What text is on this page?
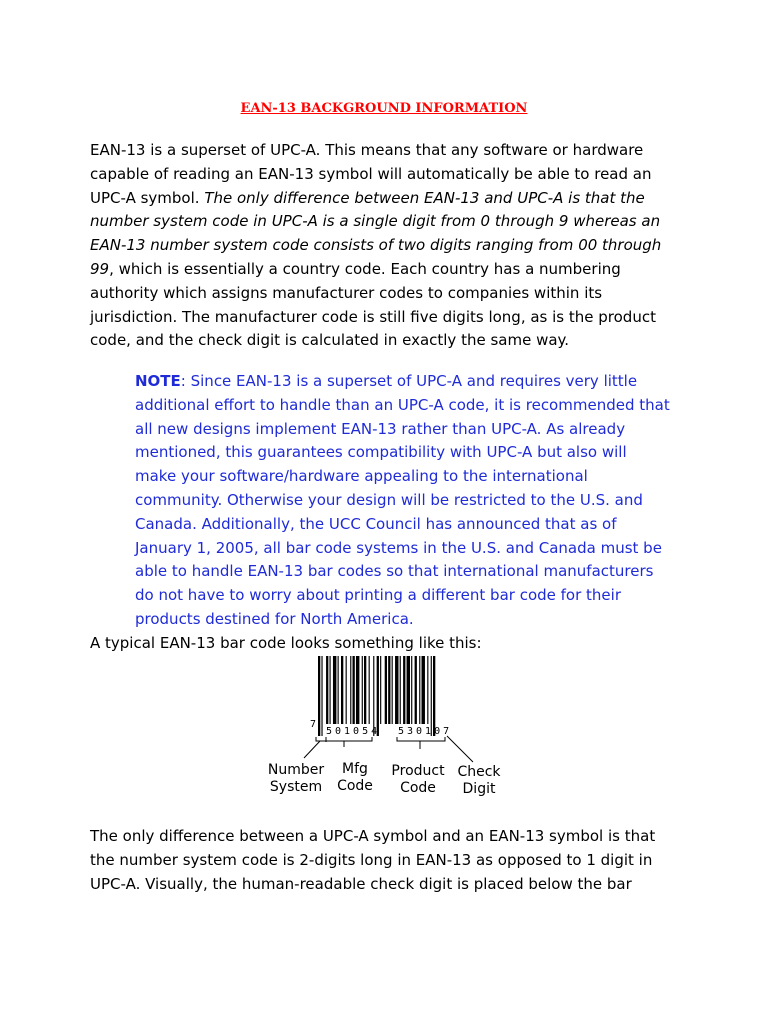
EAN-13 BACKGROUND INFORMATION
EAN-13 is a superset of UPC-A. This means that any software or hardware
capable of reading an EAN-13 symbol will automatically be able to read an
UPC-A symbol. The only difference between EAN-13 and UPC-A is that the
number system code in UPC-A is a single digit from 0 through 9 whereas an
EAN-13 number system code consists of two digits ranging from 00 through
99, which is essentially a country code. Each country has a numbering
authority which assigns manufacturer codes to companies within its
jurisdiction. The manufacturer code is still five digits long, as is the product
code, and the check digit is calculated in exactly the same way.
NOTE: Since EAN-13 is a superset of UPC-A and requires very little
additional effort to handle than an UPC-A code, it is recommended that
all new designs implement EAN-13 rather than UPC-A. As already
mentioned, this guarantees compatibility with UPC-A but also will
make your software/hardware appealing to the international
community. Otherwise your design will be restricted to the U.S. and
Canada. Additionally, the UCC Council has announced that as of
January 1, 2005, all bar code systems in the U.S. and Canada must be
able to handle EAN-13 bar codes so that international manufacturers
do not have to worry about printing a different bar code for their
products destined for North America.
A typical EAN-13 bar code looks something like this:
7
501054 530107
Number
System
Mfg
Code
Product
Code
Check
Digit
The only difference between a UPC-A symbol and an EAN-13 symbol is that
the number system code is 2-digits long in EAN-13 as opposed to 1 digit in
UPC-A. Visually, the human-readable check digit is placed below the bar
